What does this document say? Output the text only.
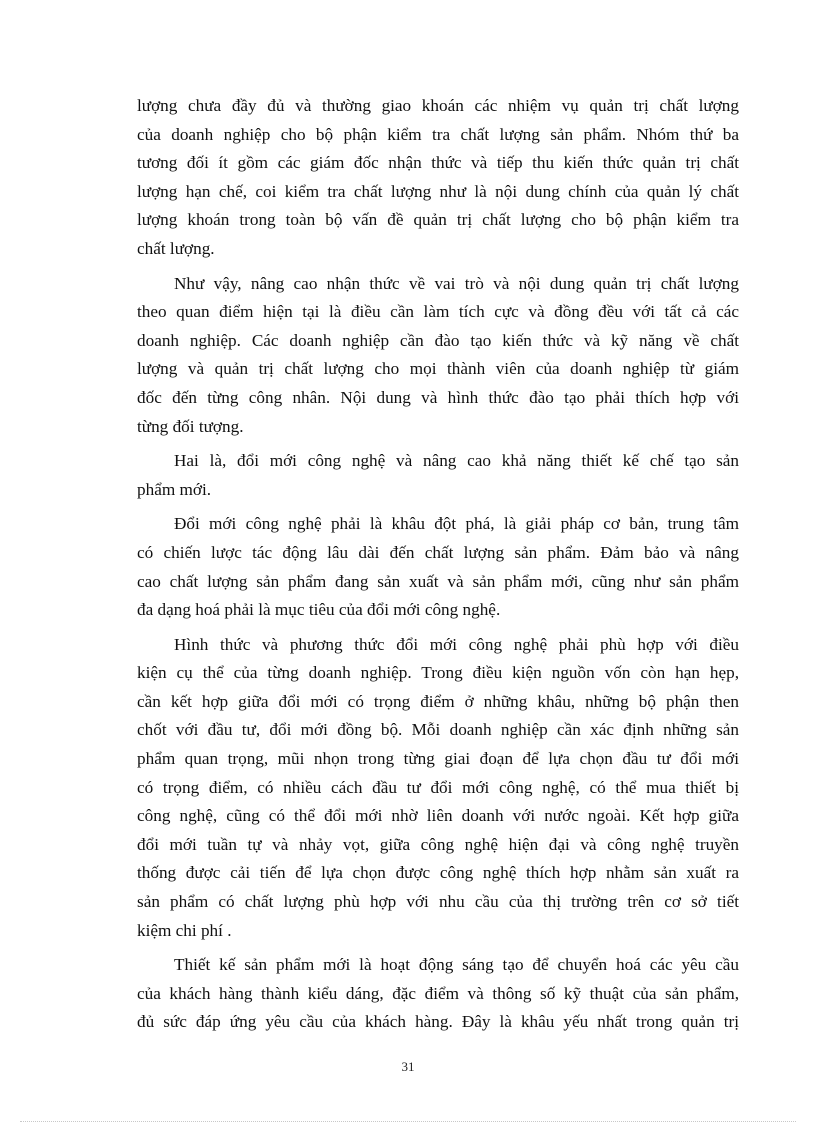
lượng chưa đầy đủ và thường giao khoán các nhiệm vụ quản trị chất lượng
của doanh nghiệp cho bộ phận kiểm tra chất lượng sản phẩm. Nhóm thứ ba
tương đối ít gồm các giám đốc nhận thức và tiếp thu kiến thức quản trị chất
lượng hạn chế, coi kiểm tra chất lượng như là nội dung chính của quản lý chất
lượng khoán trong toàn bộ vấn đề quản trị chất lượng cho bộ phận kiểm tra
chất lượng.
Như vậy, nâng cao nhận thức về vai trò và nội dung quản trị chất lượng
theo quan điểm hiện tại là điều cần làm tích cực và đồng đều với tất cả các
doanh nghiệp. Các doanh nghiệp cần đào tạo kiến thức và kỹ năng về chất
lượng và quản trị chất lượng cho mọi thành viên của doanh nghiệp từ giám
đốc đến từng công nhân. Nội dung và hình thức đào tạo phải thích hợp với
từng đối tượng.
Hai là, đổi mới công nghệ và nâng cao khả năng thiết kế chế tạo sản
phẩm mới.
Đổi mới công nghệ phải là khâu đột phá, là giải pháp cơ bản, trung tâm
có chiến lược tác động lâu dài đến chất lượng sản phẩm. Đảm bảo và nâng
cao chất lượng sản phẩm đang sản xuất và sản phẩm mới, cũng như sản phẩm
đa dạng hoá phải là mục tiêu của đổi mới công nghệ.
Hình thức và phương thức đổi mới công nghệ phải phù hợp với điều
kiện cụ thể của từng doanh nghiệp. Trong điều kiện nguồn vốn còn hạn hẹp,
cần kết hợp giữa đổi mới có trọng điểm ở những khâu, những bộ phận then
chốt với đầu tư, đổi mới đồng bộ. Mỗi doanh nghiệp cần xác định những sản
phẩm quan trọng, mũi nhọn trong từng giai đoạn để lựa chọn đầu tư đổi mới
có trọng điểm, có nhiều cách đầu tư đổi mới công nghệ, có thể mua thiết bị
công nghệ, cũng có thể đổi mới nhờ liên doanh với nước ngoài. Kết hợp giữa
đổi mới tuần tự và nhảy vọt, giữa công nghệ hiện đại và công nghệ truyền
thống được cải tiến để lựa chọn được công nghệ thích hợp nhằm sản xuất ra
sản phẩm có chất lượng phù hợp với nhu cầu của thị trường trên cơ sở tiết
kiệm chi phí .
Thiết kế sản phẩm mới là hoạt động sáng tạo để chuyển hoá các yêu cầu
của khách hàng thành kiểu dáng, đặc điểm và thông số kỹ thuật của sản phẩm,
đủ sức đáp ứng yêu cầu của khách hàng. Đây là khâu yếu nhất trong quản trị
31
